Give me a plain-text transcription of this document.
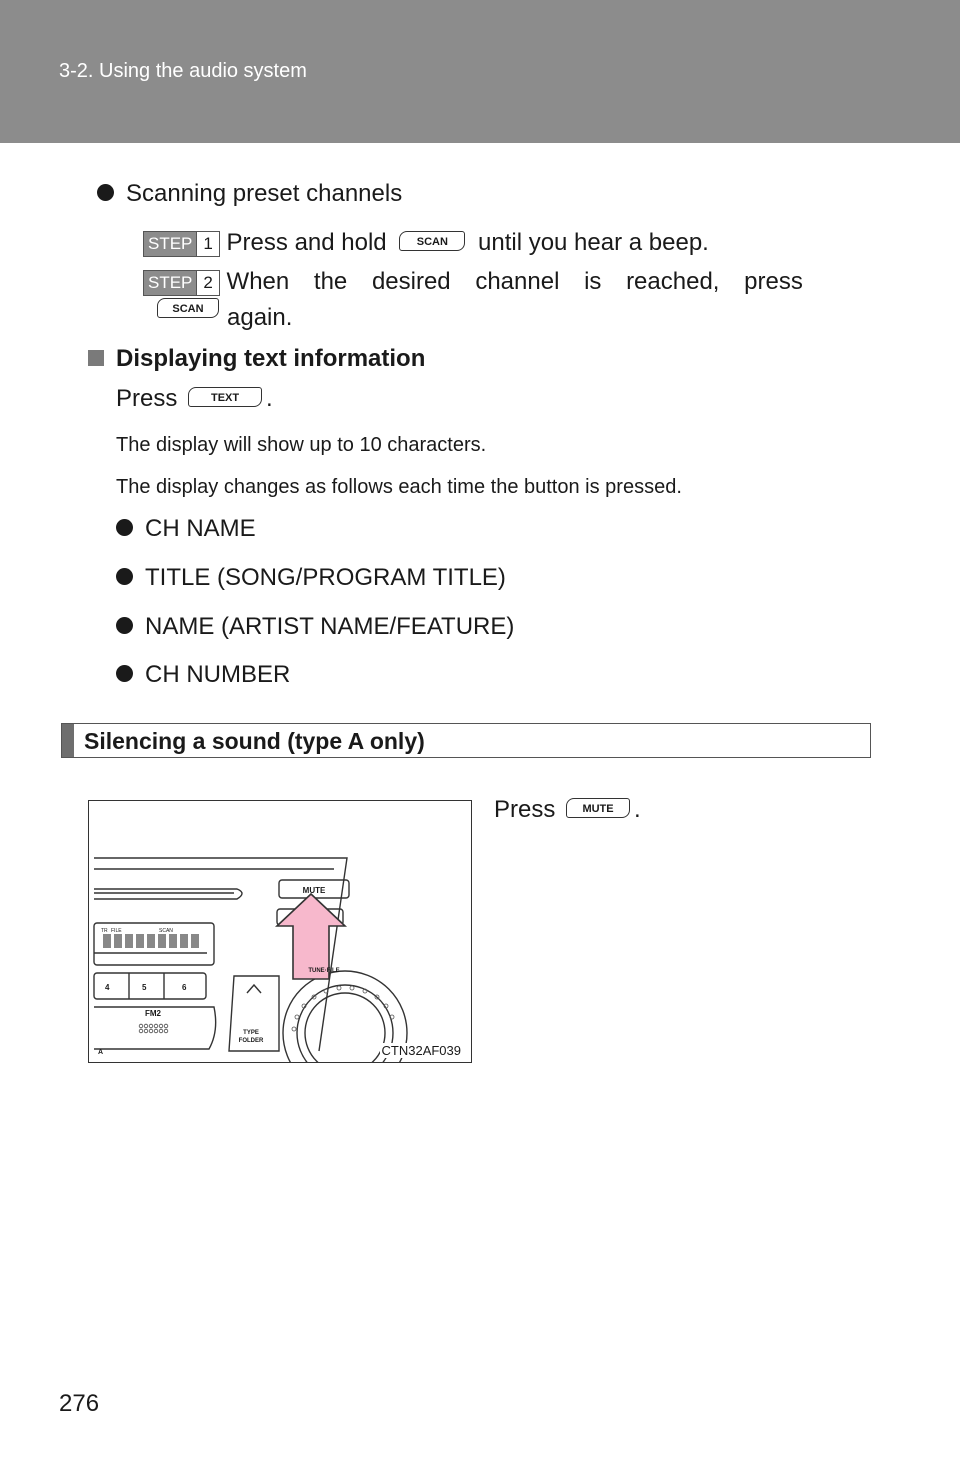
3-2. Using the audio system
Scanning preset channels
STEP 1 Press and hold	SCAN until you hear a beep.
STEP 2 When the desired channel is reached, press SCAN again.
Displaying text information
Press	TEXT .
The display will show up to 10 characters.
The display changes as follows each time the button is pressed.
CH NAME
TITLE (SONG/PROGRAM TITLE)
NAME (ARTIST NAME/FEATURE)
CH NUMBER
Silencing a sound (type A only)
MUTE
TUNE·FILE
TYPE
FOLDER
FM2
4	5	6
TR FILE	SCAN
A	CTN32AF039
Press MUTE .
276
